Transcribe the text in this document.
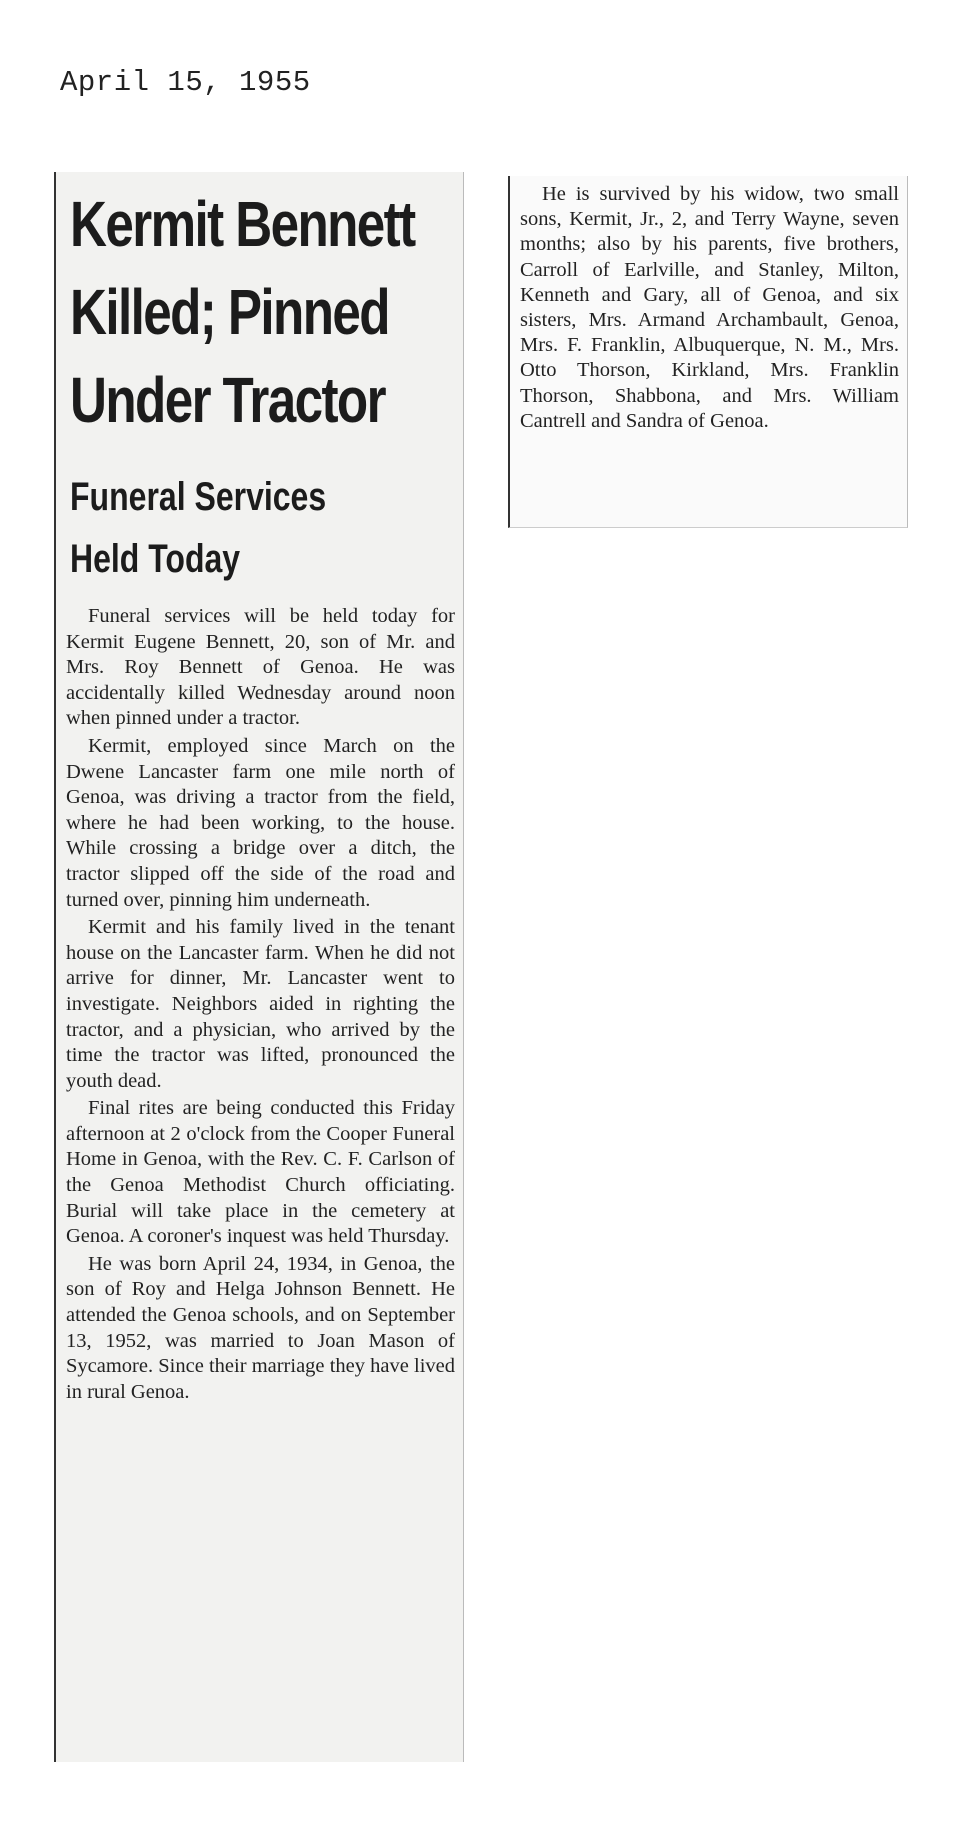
April 15, 1955
Kermit Bennett
Killed; Pinned
Under Tractor
Funeral Services
Held Today

Funeral services will be held today for Kermit Eugene Bennett, 20, son of Mr. and Mrs. Roy Bennett of Genoa. He was accidentally killed Wednesday around noon when pinned under a tractor.

Kermit, employed since March on the Dwene Lancaster farm one mile north of Genoa, was driving a tractor from the field, where he had been working, to the house. While crossing a bridge over a ditch, the tractor slipped off the side of the road and turned over, pinning him underneath.

Kermit and his family lived in the tenant house on the Lancaster farm. When he did not arrive for dinner, Mr. Lancaster went to investigate. Neighbors aided in righting the tractor, and a physician, who arrived by the time the tractor was lifted, pronounced the youth dead.

Final rites are being conducted this Friday afternoon at 2 o'clock from the Cooper Funeral Home in Genoa, with the Rev. C. F. Carlson of the Genoa Methodist Church officiating. Burial will take place in the cemetery at Genoa. A coroner's inquest was held Thursday.

He was born April 24, 1934, in Genoa, the son of Roy and Helga Johnson Bennett. He attended the Genoa schools, and on September 13, 1952, was married to Joan Mason of Sycamore. Since their marriage they have lived in rural Genoa.

He is survived by his widow, two small sons, Kermit, Jr., 2, and Terry Wayne, seven months; also by his parents, five brothers, Carroll of Earlville, and Stanley, Milton, Kenneth and Gary, all of Genoa, and six sisters, Mrs. Armand Archambault, Genoa, Mrs. F. Franklin, Albuquerque, N. M., Mrs. Otto Thorson, Kirkland, Mrs. Franklin Thorson, Shabbona, and Mrs. William Cantrell and Sandra of Genoa.
